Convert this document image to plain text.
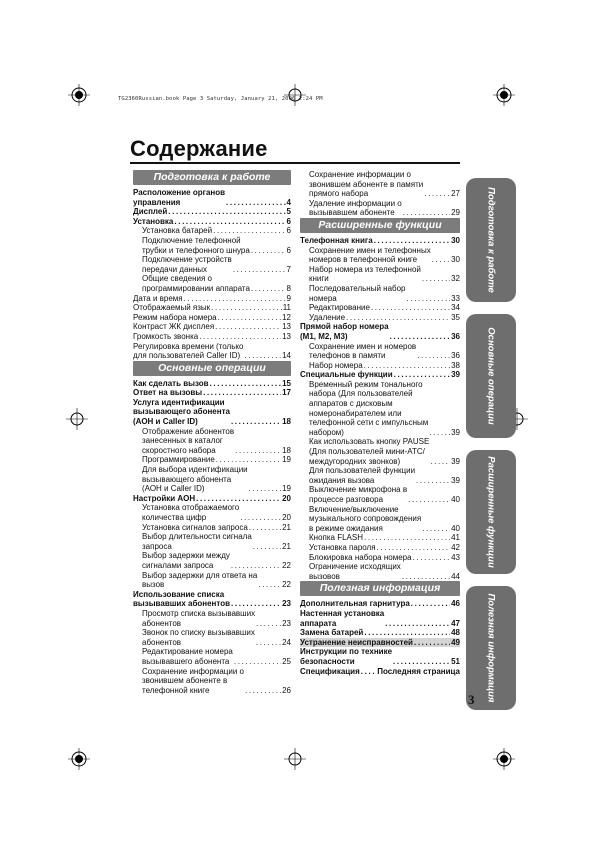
TG2360Russian.book Page 3 Saturday, January 21, 2006 2:24 PM
Содержание
Подготовка к работе
Расположение органов
управления . . .	4
Дисплей . . .	5
Установка . . .	6
Установка батарей . . .	6
Подключение телефонной
трубки и телефонного шнура . . .	6
Подключение устройств
передачи данных . . .	7
Общие сведения о
программировании аппарата . . .	8
Дата и время . . .	9
Отображаемый язык . . .	11
Режим набора номера . . .	12
Контраст ЖК дисплея . . .	13
Громкость звонка . . .	13
Регулировка времени (только
для пользователей Caller ID) . . .	14
Основные операции
Как сделать вызов . . .	15
Ответ на вызовы . . .	17
Услуга идентификации
вызывающего абонента
(АОН и Caller ID) . . .	18
Отображение абонентов
занесенных в каталог
скоростного набора . . .	18
Программирование . . .	19
Для выбора идентификации
вызывающего абонента
(АОН и Caller ID) . . .	19
Настройки АОН . . .	20
Установка отображаемого
количества цифр . . .	20
Установка сигналов запроса . . .	21
Выбор длительности сигнала
запроса . . .	21
Выбор задержки между
сигналами запроса . . .	22
Выбор задержки для ответа на
вызов . . .	22
Использование списка
вызывавших абонентов . . .	23
Просмотр списка вызывавших
абонентов . . .	23
Звонок по списку вызывавших
абонентов . . .	24
Редактирование номера
вызывавшего абонента . . .	25
Сохранение информации о
звонившем абоненте в
телефонной книге . . .	26
Сохранение информации о
звонившем абоненте в памяти
прямого набора . . .	27
Удаление информации о
вызывавшем абоненте . . .	29
Расширенные функции
Телефонная книга . . .	30
Сохранение имен и телефонных
номеров в телефонной книге . . .	30
Набор номера из телефонной
книги . . .	32
Последовательный набор
номера . . .	33
Редактирование . . .	34
Удаление . . .	35
Прямой набор номера
(M1, M2, M3) . . .	36
Сохранение имен и номеров
телефонов в памяти . . .	36
Набор номера . . .	38
Специальные функции . . .	39
Временный режим тонального
набора (Для пользователей
аппаратов с дисковым
номеронабирателем или
телефонной сети с импульсным
набором) . . .	39
Как использовать кнопку PAUSE
(Для пользователей мини-АТС/
междугородних звонков) . . .	39
Для пользователей функции
ожидания вызова . . .	39
Выключение микрофона в
процессе разговора . . .	40
Включение/выключение
музыкального сопровождения
в режиме ожидания . . .	40
Кнопка FLASH . . .	41
Установка пароля . . .	42
Блокировка набора номера . . .	43
Ограничение исходящих
вызовов . . .	44
Полезная информация
Дополнительная гарнитура . . .	46
Настенная установка
аппарата . . .	47
Замена батарей . . .	48
Устранение неисправностей . . .	49
Инструкции по технике
безопасности . . .	51
Спецификация . . . Последняя страница
Подготовка к работе
Основные операции
Расширенные функции
Полезная информация
3
